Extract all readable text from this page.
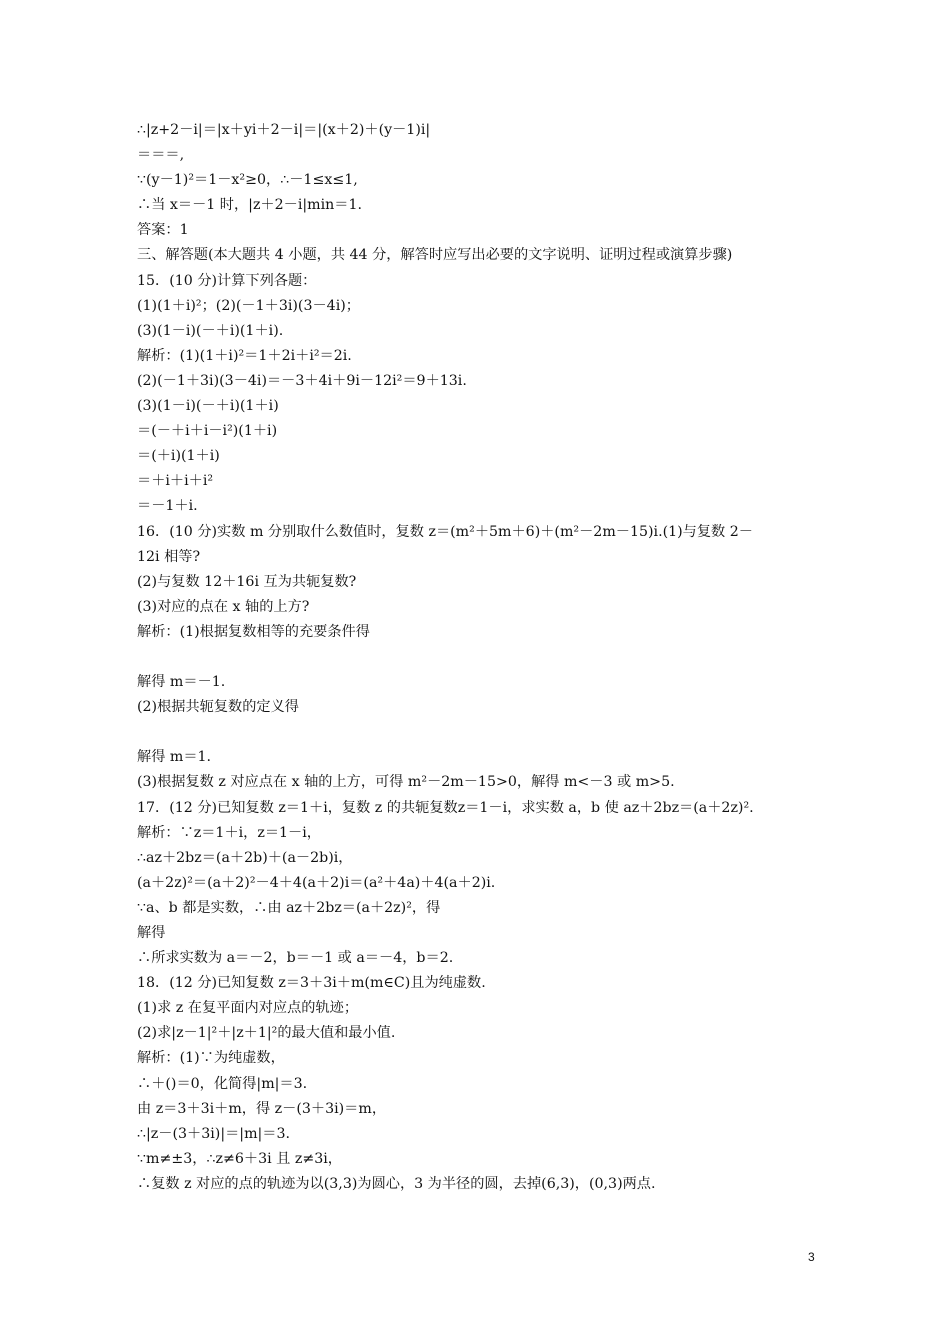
∴|z+2－i|＝|x＋yi＋2－i|＝|(x＋2)＋(y－1)i|
＝＝＝,
∵(y－1)²＝1－x²≥0，∴－1≤x≤1,
∴当 x＝－1 时，|z＋2－i|min＝1.
答案：1
三、解答题(本大题共 4 小题，共 44 分，解答时应写出必要的文字说明、证明过程或演算步骤)
15．(10 分)计算下列各题：
(1)(1＋i)²；(2)(－1＋3i)(3－4i)；
(3)(1－i)(－＋i)(1＋i).
解析：(1)(1＋i)²＝1＋2i＋i²＝2i.
(2)(－1＋3i)(3－4i)＝－3＋4i＋9i－12i²＝9＋13i.
(3)(1－i)(－＋i)(1＋i)
＝(－＋i＋i－i²)(1＋i)
＝(＋i)(1＋i)
＝＋i＋i＋i²
＝－1＋i.
16．(10 分)实数 m 分别取什么数值时，复数 z＝(m²＋5m＋6)＋(m²－2m－15)i.(1)与复数 2－
12i 相等?
(2)与复数 12＋16i 互为共轭复数?
(3)对应的点在 x 轴的上方?
解析：(1)根据复数相等的充要条件得
解得 m＝－1.
(2)根据共轭复数的定义得
解得 m＝1.
(3)根据复数 z 对应点在 x 轴的上方，可得 m²－2m－15>0，解得 m<－3 或 m>5.
17．(12 分)已知复数 z＝1＋i，复数 z 的共轭复数z＝1－i，求实数 a，b 使 az＋2bz＝(a＋2z)².
解析：∵z＝1＋i，z＝1－i，
∴az＋2bz＝(a＋2b)＋(a－2b)i，
(a＋2z)²＝(a＋2)²－4＋4(a＋2)i＝(a²＋4a)＋4(a＋2)i.
∵a、b 都是实数，∴由 az＋2bz＝(a＋2z)²，得
解得
∴所求实数为 a＝－2，b＝－1 或 a＝－4，b＝2.
18．(12 分)已知复数 z＝3＋3i＋m(m∈C)且为纯虚数.
(1)求 z 在复平面内对应点的轨迹；
(2)求|z－1|²＋|z＋1|²的最大值和最小值.
解析：(1)∵为纯虚数，
∴＋()＝0，化简得|m|＝3.
由 z＝3＋3i＋m，得 z－(3＋3i)＝m，
∴|z－(3＋3i)|＝|m|＝3.
∵m≠±3，∴z≠6＋3i 且 z≠3i，
∴复数 z 对应的点的轨迹为以(3,3)为圆心，3 为半径的圆，去掉(6,3)，(0,3)两点.
3
